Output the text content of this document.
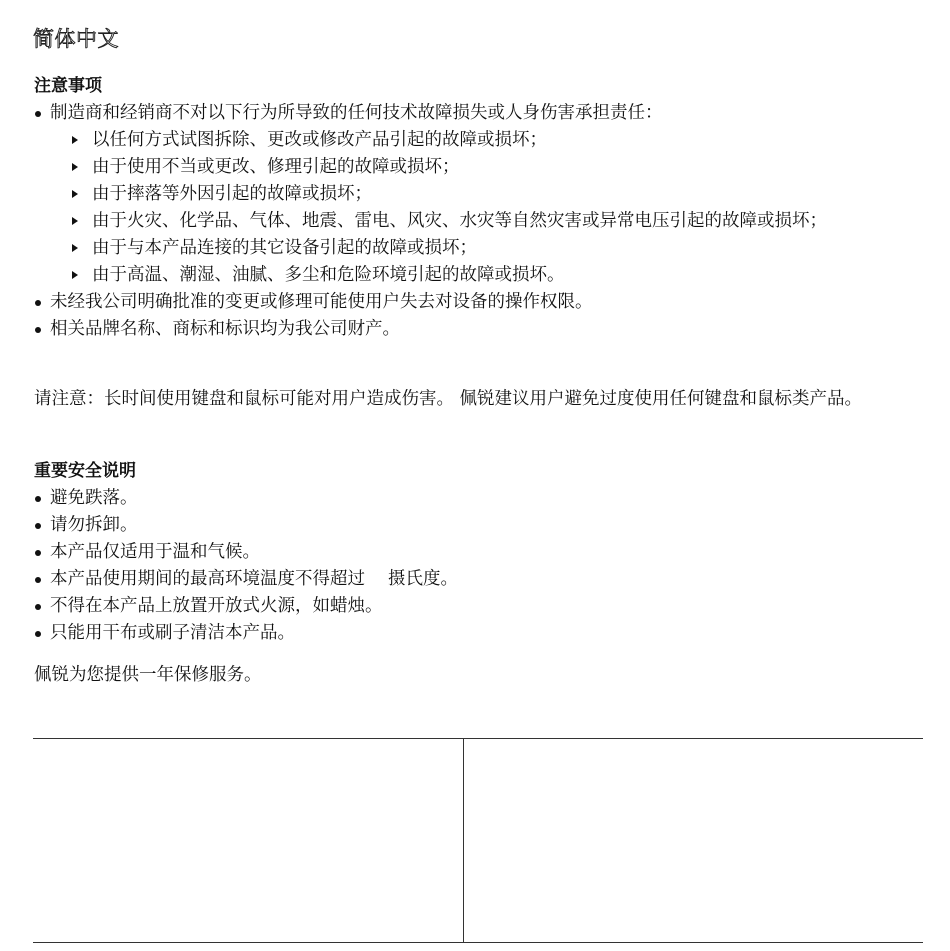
简体中文
注意事项
制造商和经销商不对以下行为所导致的任何技术故障损失或人身伤害承担责任：
以任何方式试图拆除、更改或修改产品引起的故障或损坏；
由于使用不当或更改、修理引起的故障或损坏；
由于摔落等外因引起的故障或损坏；
由于火灾、化学品、气体、地震、雷电、风灾、水灾等自然灾害或异常电压引起的故障或损坏；
由于与本产品连接的其它设备引起的故障或损坏；
由于高温、潮湿、油腻、多尘和危险环境引起的故障或损坏。
未经我公司明确批准的变更或修理可能使用户失去对设备的操作权限。
相关品牌名称、商标和标识均为我公司财产。

请注意：长时间使用键盘和鼠标可能对用户造成伤害。 佩锐建议用户避免过度使用任何键盘和鼠标类产品。

重要安全说明
避免跌落。
请勿拆卸。
本产品仅适用于温和气候。
本产品使用期间的最高环境温度不得超过　 摄氏度。
不得在本产品上放置开放式火源，如蜡烛。
只能用干布或刷子清洁本产品。

佩锐为您提供一年保修服务。
